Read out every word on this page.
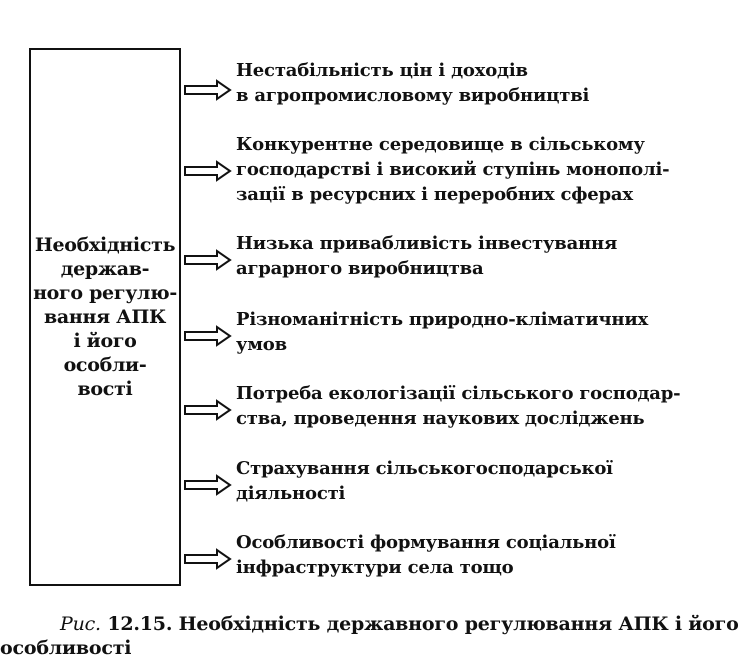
Необхідність
держав-
ного регулю-
вання АПК
і його особли-
вості

Нестабільність цін і доходів
в агропромисловому виробництві

Конкурентне середовище в сільському
господарстві і високий ступінь монополі-
зації в ресурсних і переробних сферах

Низька привабливість інвестування
аграрного виробництва

Різноманітність природно-кліматичних
умов

Потреба екологізації сільського господар-
ства, проведення наукових досліджень

Страхування сільськогосподарської
діяльності

Особливості формування соціальної
інфраструктури села тощо

Рис. 12.15. Необхідність державного регулювання АПК і його
особливості
